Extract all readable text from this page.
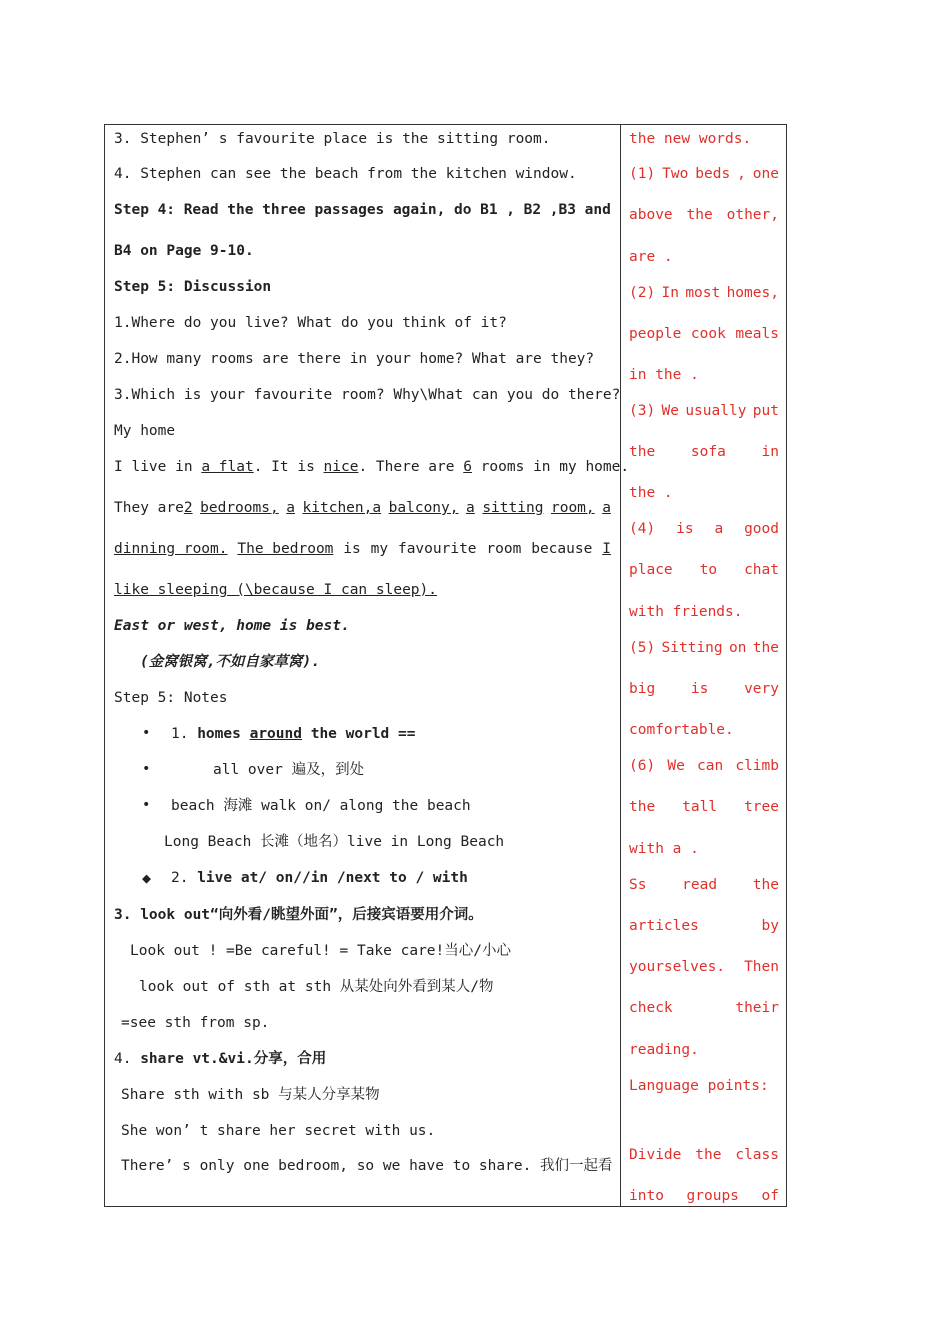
3. Stephen’ s favourite place is the sitting room.
4. Stephen can see the beach from the kitchen window.
Step 4: Read the three passages again, do B1 , B2 ,B3 and
B4 on Page 9-10.
Step 5: Discussion
1.Where do you live? What do you think of it?
2.How many rooms are there in your home? What are they?
3.Which is your favourite room? Why\What can you do there?
My home
I live in a flat. It is nice. There are 6 rooms in my home.
They are 2 bedrooms, a kitchen,a balcony, a sitting room, a
dinning room. The bedroom is my favourite room because I
like sleeping (\because I can sleep).
East or west, home is best.
(金窝银窝,不如自家草窝).
Step 5: Notes
• 1. homes around the world ==
•	all over 遍及，到处
• beach 海滩 walk on/ along the beach
Long Beach 长滩（地名）live in Long Beach
◆ 2. live at/ on//in /next to / with
3. look out“向外看/眺望外面”，后接宾语要用介词。
Look out ! =Be careful! = Take care!当心/小心
look out of sth at sth 从某处向外看到某人/物
=see sth from sp.
4. share vt.&vi.分享，合用
Share sth with sb 与某人分享某物
She won’ t share her secret with us.
There’ s only one bedroom, so we have to share. 我们一起看
the new words.
(1) Two beds , one
above the other,
are .
(2) In most homes,
people cook meals
in the .
(3) We usually put
the sofa in
the .
(4) is a good
place to chat
with friends.
(5) Sitting on the
big is very
comfortable.
(6) We can climb
the tall tree
with a .
Ss read the
articles	by
yourselves. Then
check	their
reading.
Language points:
Divide the class
into groups of
